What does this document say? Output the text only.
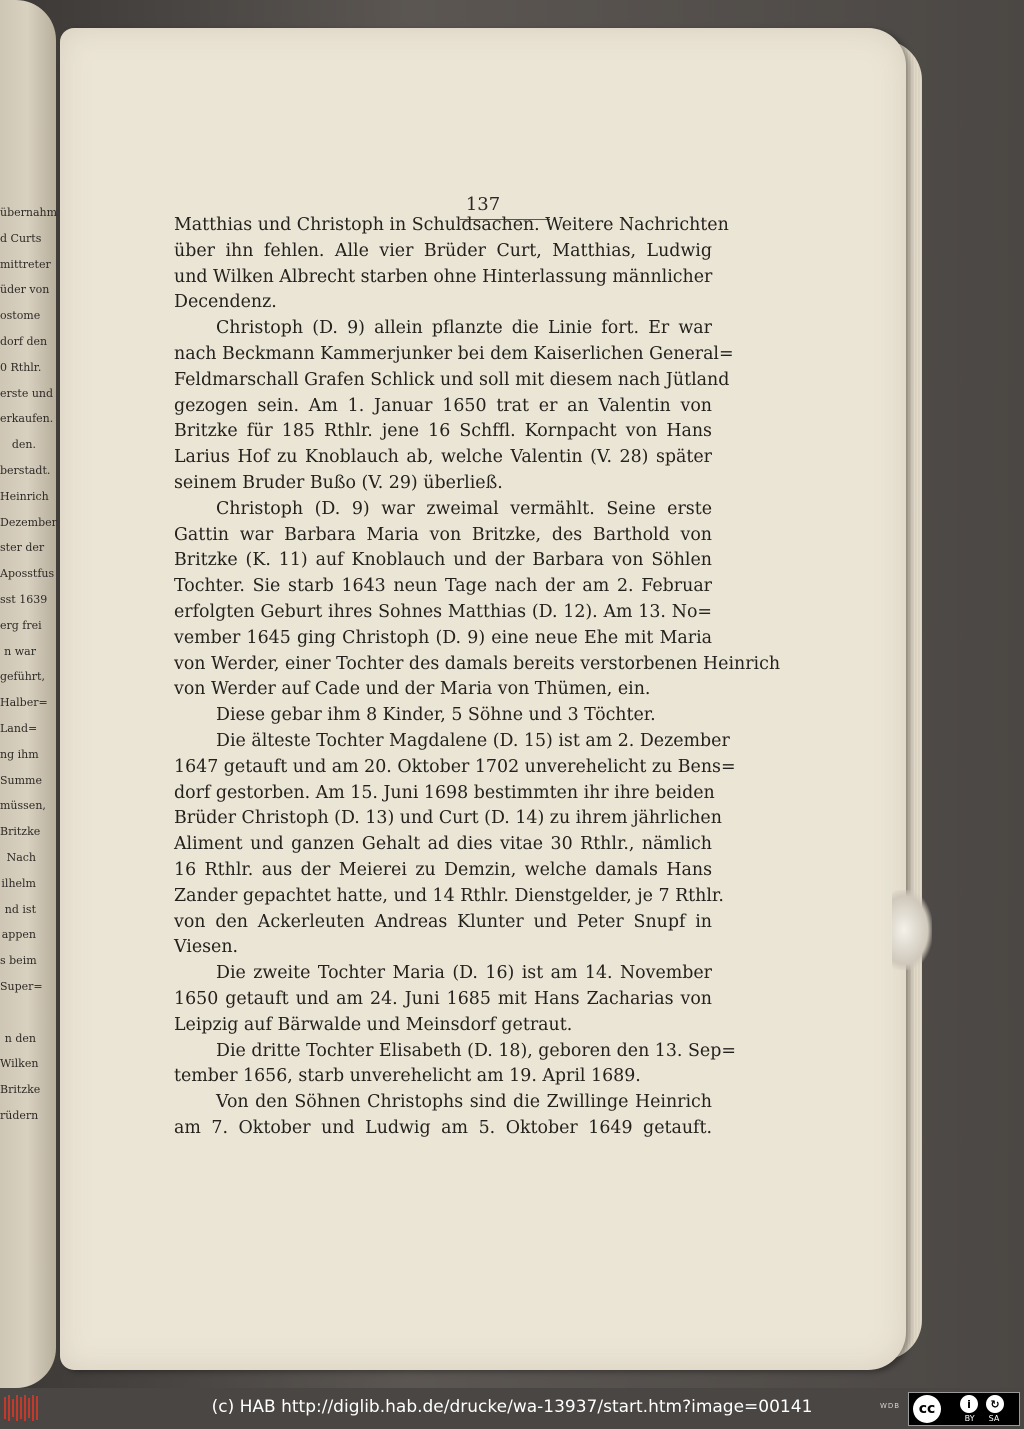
übernahm
d Curts
mittreter
üder von
ostome
dorf den
0 Rthlr.
erste und
erkaufen.
den.
berstadt.
Heinrich
Dezember
ster der
Aposstfus
sst 1639
erg frei
n war
geführt,
Halber=
Land=
ng ihm
Summe
müssen,
Britzke
Nach
ilhelm
nd ist
appen
s beim
Super=
n den
Wilken
Britzke
rüdern
137
Matthias und Christoph in Schuldsachen. Weitere Nachrichten
über ihn fehlen. Alle vier Brüder Curt, Matthias, Ludwig
und Wilken Albrecht starben ohne Hinterlassung männlicher
Decendenz.
Christoph (D. 9) allein pflanzte die Linie fort. Er war
nach Beckmann Kammerjunker bei dem Kaiserlichen General=
Feldmarschall Grafen Schlick und soll mit diesem nach Jütland
gezogen sein. Am 1. Januar 1650 trat er an Valentin von
Britzke für 185 Rthlr. jene 16 Schffl. Kornpacht von Hans
Larius Hof zu Knoblauch ab, welche Valentin (V. 28) später
seinem Bruder Bußo (V. 29) überließ.
Christoph (D. 9) war zweimal vermählt. Seine erste
Gattin war Barbara Maria von Britzke, des Barthold von
Britzke (K. 11) auf Knoblauch und der Barbara von Söhlen
Tochter. Sie starb 1643 neun Tage nach der am 2. Februar
erfolgten Geburt ihres Sohnes Matthias (D. 12). Am 13. No=
vember 1645 ging Christoph (D. 9) eine neue Ehe mit Maria
von Werder, einer Tochter des damals bereits verstorbenen Heinrich
von Werder auf Cade und der Maria von Thümen, ein.
Diese gebar ihm 8 Kinder, 5 Söhne und 3 Töchter.
Die älteste Tochter Magdalene (D. 15) ist am 2. Dezember
1647 getauft und am 20. Oktober 1702 unverehelicht zu Bens=
dorf gestorben. Am 15. Juni 1698 bestimmten ihr ihre beiden
Brüder Christoph (D. 13) und Curt (D. 14) zu ihrem jährlichen
Aliment und ganzen Gehalt ad dies vitae 30 Rthlr., nämlich
16 Rthlr. aus der Meierei zu Demzin, welche damals Hans
Zander gepachtet hatte, und 14 Rthlr. Dienstgelder, je 7 Rthlr.
von den Ackerleuten Andreas Klunter und Peter Snupf in
Viesen.
Die zweite Tochter Maria (D. 16) ist am 14. November
1650 getauft und am 24. Juni 1685 mit Hans Zacharias von
Leipzig auf Bärwalde und Meinsdorf getraut.
Die dritte Tochter Elisabeth (D. 18), geboren den 13. Sep=
tember 1656, starb unverehelicht am 19. April 1689.
Von den Söhnen Christophs sind die Zwillinge Heinrich
am 7. Oktober und Ludwig am 5. Oktober 1649 getauft.
(c) HAB http://diglib.hab.de/drucke/wa-13937/start.htm?image=00141	WDB	cc	i	↻
BY SA
